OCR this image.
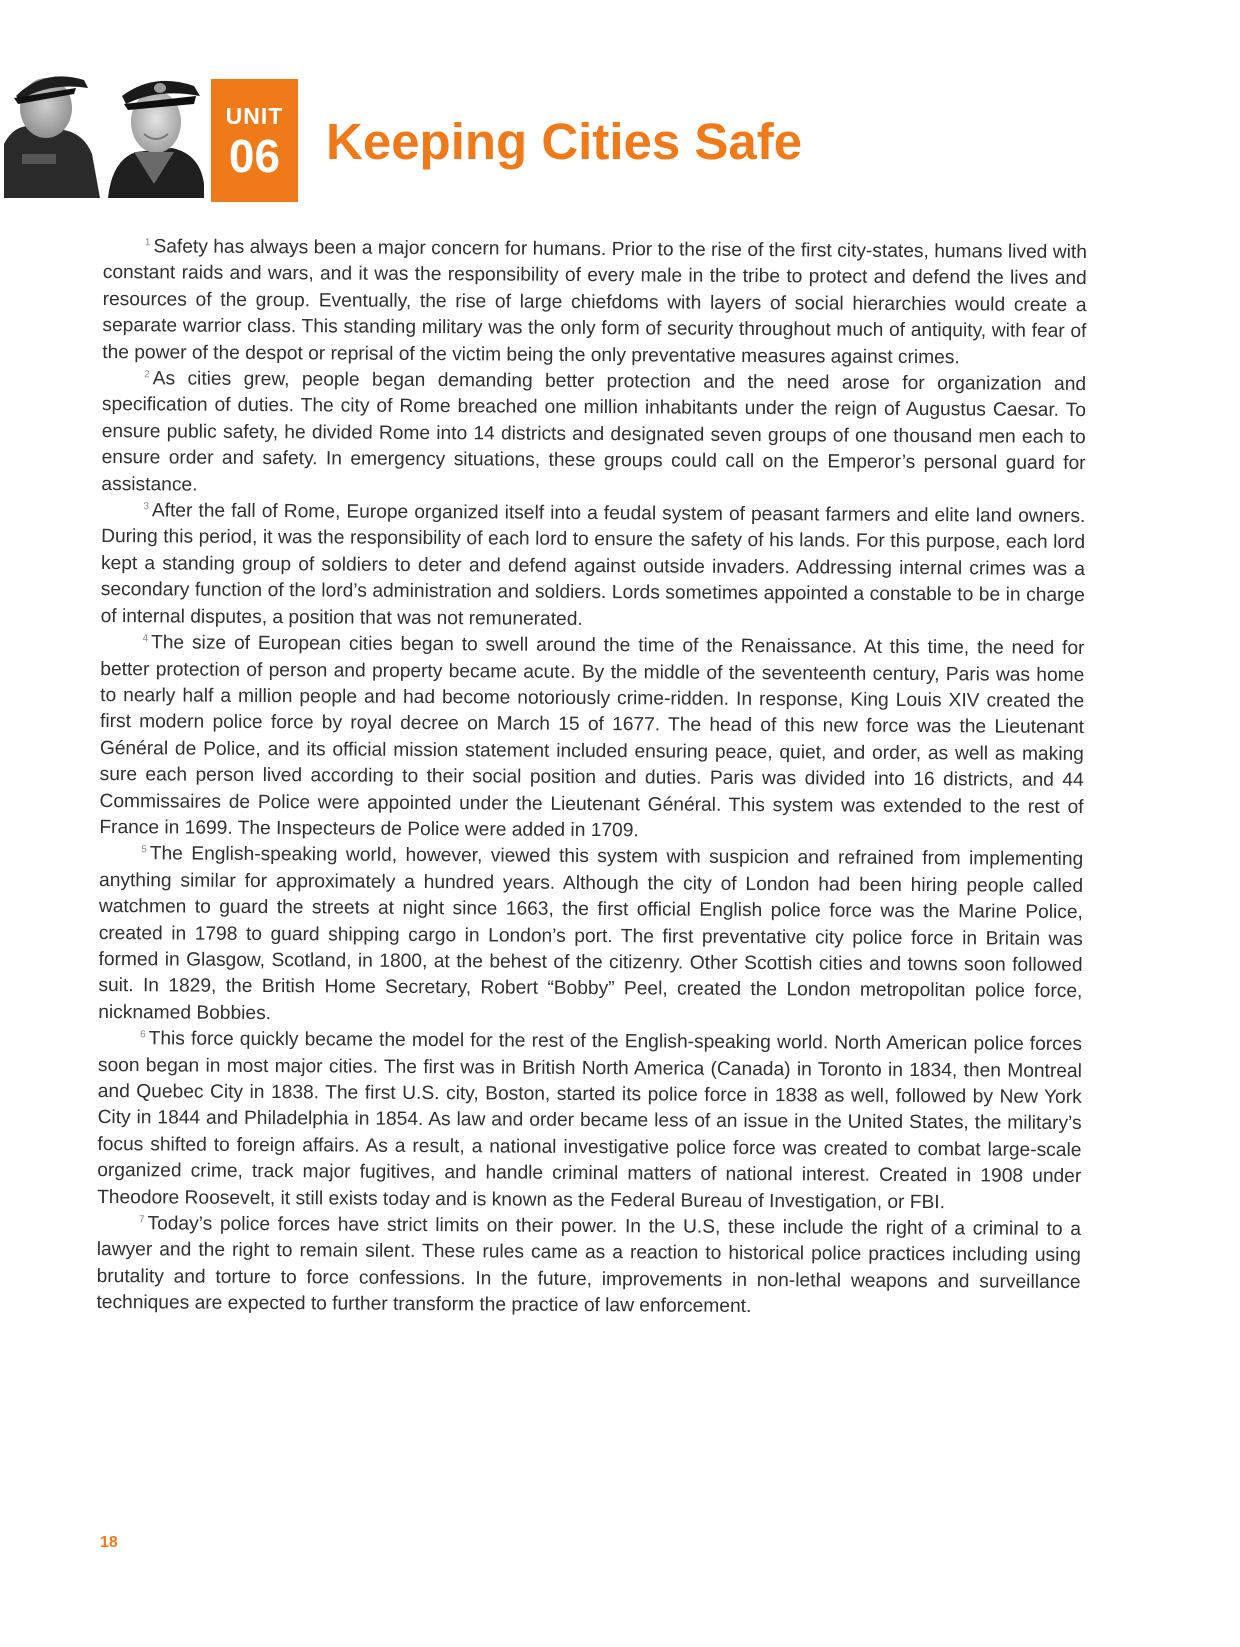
UNIT
06 Keeping Cities Safe

$^1$ Safety has always been a major concern for humans. Prior to the rise of the first city-states, humans lived with constant raids and wars, and it was the responsibility of every male in the tribe to protect and defend the lives and resources of the group. Eventually, the rise of large chiefdoms with layers of social hierarchies would create a separate warrior class. This standing military was the only form of security throughout much of antiquity, with fear of the power of the despot or reprisal of the victim being the only preventative measures against crimes.

$^2$ As cities grew, people began demanding better protection and the need arose for organization and specification of duties. The city of Rome breached one million inhabitants under the reign of Augustus Caesar. To ensure public safety, he divided Rome into 14 districts and designated seven groups of one thousand men each to ensure order and safety. In emergency situations, these groups could call on the Emperor’s personal guard for assistance.

$^3$ After the fall of Rome, Europe organized itself into a feudal system of peasant farmers and elite land owners. During this period, it was the responsibility of each lord to ensure the safety of his lands. For this purpose, each lord kept a standing group of soldiers to deter and defend against outside invaders. Addressing internal crimes was a secondary function of the lord’s administration and soldiers. Lords sometimes appointed a constable to be in charge of internal disputes, a position that was not remunerated.

$^4$ The size of European cities began to swell around the time of the Renaissance. At this time, the need for better protection of person and property became acute. By the middle of the seventeenth century, Paris was home to nearly half a million people and had become notoriously crime-ridden. In response, King Louis XIV created the first modern police force by royal decree on March 15 of 1677. The head of this new force was the Lieutenant Général de Police, and its official mission statement included ensuring peace, quiet, and order, as well as making sure each person lived according to their social position and duties. Paris was divided into 16 districts, and 44 Commissaires de Police were appointed under the Lieutenant Général. This system was extended to the rest of France in 1699. The Inspecteurs de Police were added in 1709.

$^5$ The English-speaking world, however, viewed this system with suspicion and refrained from implementing anything similar for approximately a hundred years. Although the city of London had been hiring people called watchmen to guard the streets at night since 1663, the first official English police force was the Marine Police, created in 1798 to guard shipping cargo in London’s port. The first preventative city police force in Britain was formed in Glasgow, Scotland, in 1800, at the behest of the citizenry. Other Scottish cities and towns soon followed suit. In 1829, the British Home Secretary, Robert “Bobby” Peel, created the London metropolitan police force, nicknamed Bobbies.

$^6$ This force quickly became the model for the rest of the English-speaking world. North American police forces soon began in most major cities. The first was in British North America (Canada) in Toronto in 1834, then Montreal and Quebec City in 1838. The first U.S. city, Boston, started its police force in 1838 as well, followed by New York City in 1844 and Philadelphia in 1854. As law and order became less of an issue in the United States, the military’s focus shifted to foreign affairs. As a result, a national investigative police force was created to combat large-scale organized crime, track major fugitives, and handle criminal matters of national interest. Created in 1908 under Theodore Roosevelt, it still exists today and is known as the Federal Bureau of Investigation, or FBI.

$^7$ Today’s police forces have strict limits on their power. In the U.S, these include the right of a criminal to a lawyer and the right to remain silent. These rules came as a reaction to historical police practices including using brutality and torture to force confessions. In the future, improvements in non-lethal weapons and surveillance techniques are expected to further transform the practice of law enforcement.

18
